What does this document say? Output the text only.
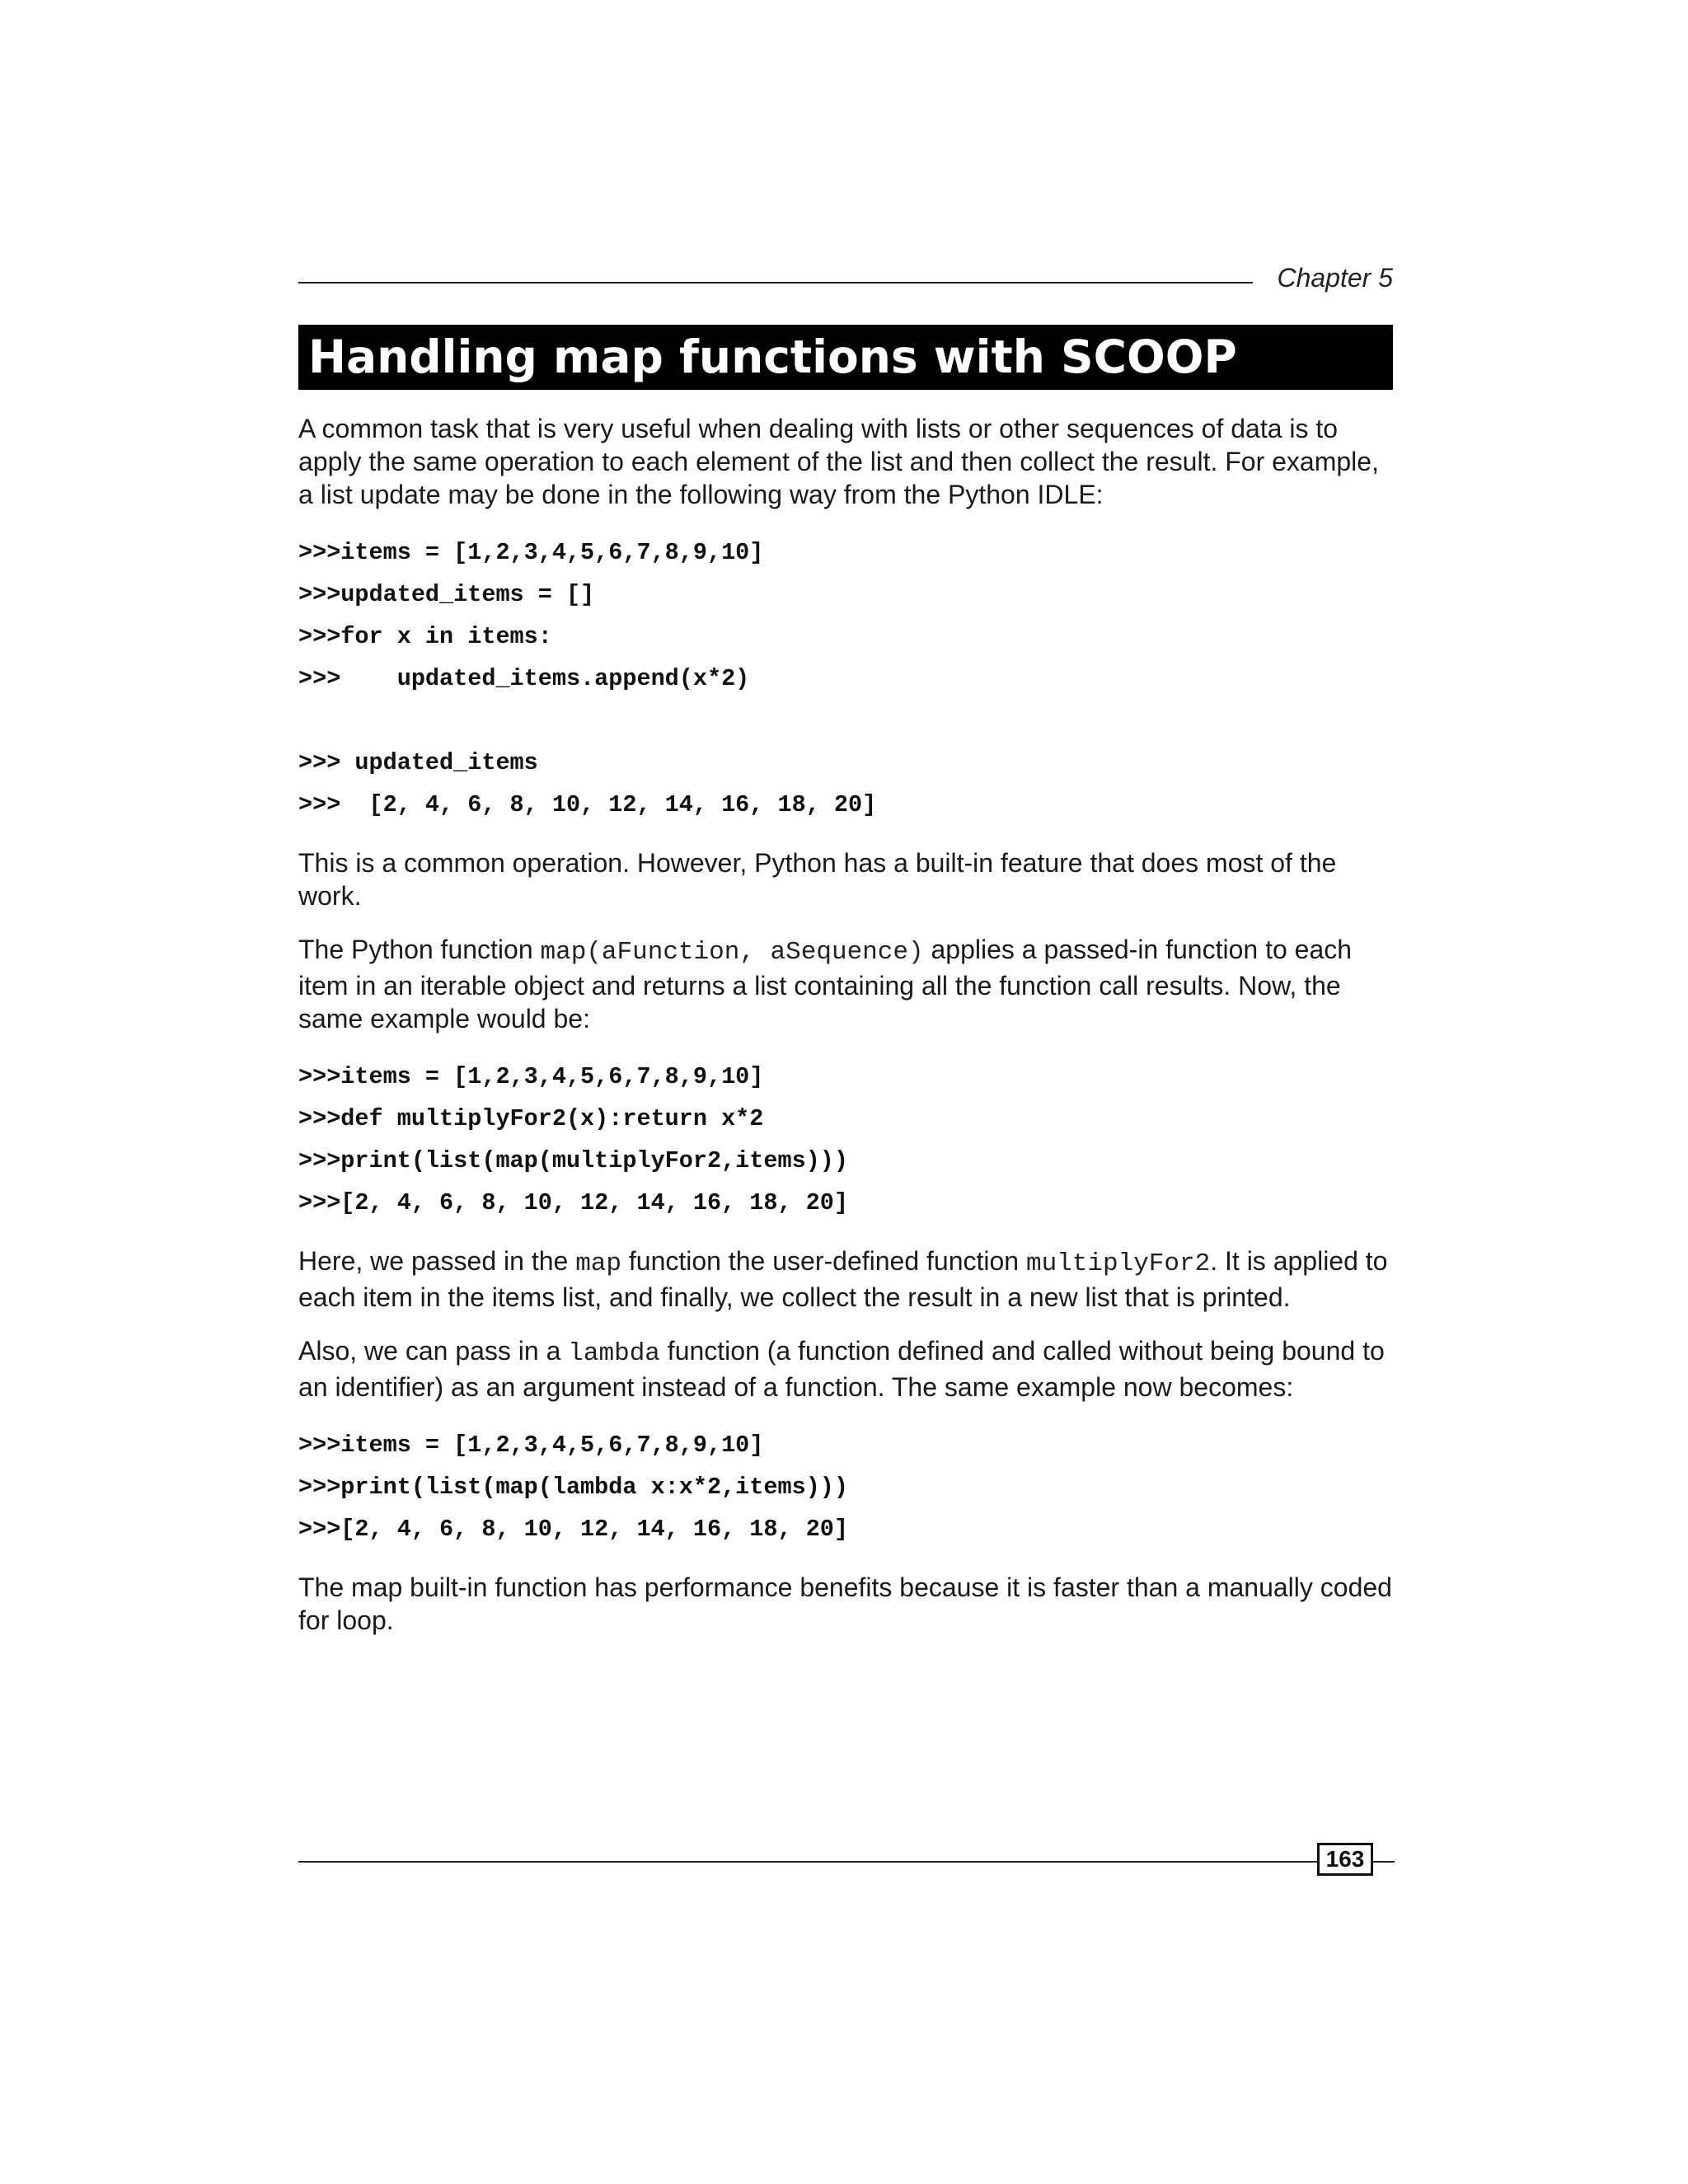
Chapter 5
Handling map functions with SCOOP

A common task that is very useful when dealing with lists or other sequences of data is to apply the same operation to each element of the list and then collect the result. For example, a list update may be done in the following way from the Python IDLE:

>>>items = [1,2,3,4,5,6,7,8,9,10]
>>>updated_items = []
>>>for x in items:
>>>    updated_items.append(x*2)
>>> updated_items
>>>  [2, 4, 6, 8, 10, 12, 14, 16, 18, 20]

This is a common operation. However, Python has a built-in feature that does most of the work.

The Python function map(aFunction, aSequence) applies a passed-in function to each item in an iterable object and returns a list containing all the function call results. Now, the same example would be:

>>>items = [1,2,3,4,5,6,7,8,9,10]
>>>def multiplyFor2(x):return x*2
>>>print(list(map(multiplyFor2,items)))
>>>[2, 4, 6, 8, 10, 12, 14, 16, 18, 20]

Here, we passed in the map function the user-defined function multiplyFor2. It is applied to each item in the items list, and finally, we collect the result in a new list that is printed.

Also, we can pass in a lambda function (a function defined and called without being bound to an identifier) as an argument instead of a function. The same example now becomes:

>>>items = [1,2,3,4,5,6,7,8,9,10]
>>>print(list(map(lambda x:x*2,items)))
>>>[2, 4, 6, 8, 10, 12, 14, 16, 18, 20]

The map built-in function has performance benefits because it is faster than a manually coded for loop.

163
